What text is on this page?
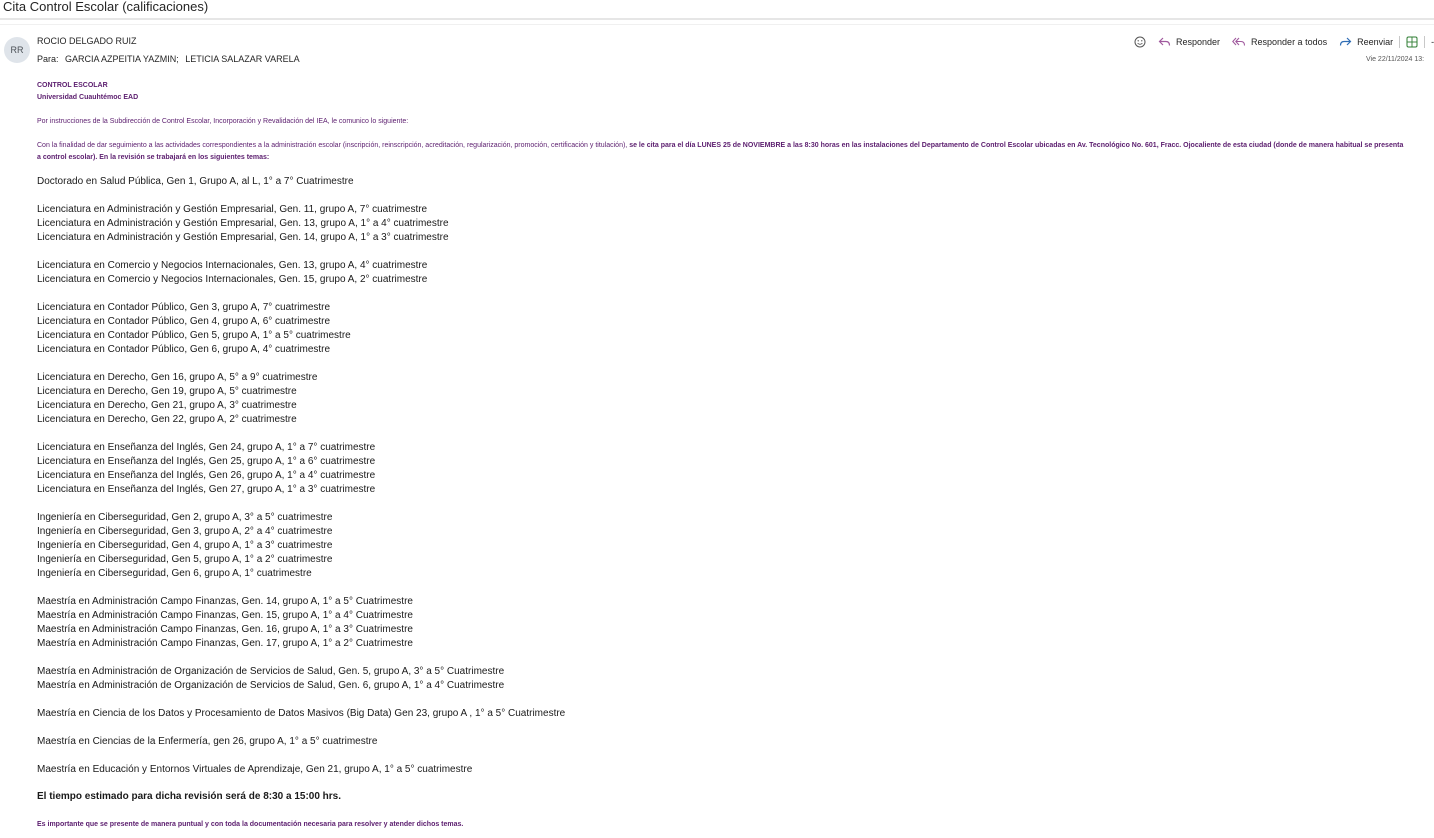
Cita Control Escolar (calificaciones)
RR
ROCIO DELGADO RUIZ
Para: GARCIA AZPEITIA YAZMIN; LETICIA SALAZAR VARELA
Responder	Responder a todos	Reenviar	-
Vie 22/11/2024 13:
CONTROL ESCOLAR
Universidad Cuauhtémoc EAD
Por instrucciones de la Subdirección de Control Escolar, Incorporación y Revalidación del IEA, le comunico lo siguiente:
Con la finalidad de dar seguimiento a las actividades correspondientes a la administración escolar (inscripción, reinscripción, acreditación, regularización, promoción, certificación y titulación), se le cita para el día LUNES 25 de NOVIEMBRE a las 8:30 horas en las instalaciones del Departamento de Control Escolar ubicadas en Av. Tecnológico No. 601, Fracc. Ojocaliente de esta ciudad (donde de manera habitual se presenta a control escolar). En la revisión se trabajará en los siguientes temas:
Doctorado en Salud Pública, Gen 1, Grupo A, al L, 1° a 7° Cuatrimestre
Licenciatura en Administración y Gestión Empresarial, Gen. 11, grupo A, 7° cuatrimestre
Licenciatura en Administración y Gestión Empresarial, Gen. 13, grupo A, 1° a 4° cuatrimestre
Licenciatura en Administración y Gestión Empresarial, Gen. 14, grupo A, 1° a 3° cuatrimestre
Licenciatura en Comercio y Negocios Internacionales, Gen. 13, grupo A, 4° cuatrimestre
Licenciatura en Comercio y Negocios Internacionales, Gen. 15, grupo A, 2° cuatrimestre
Licenciatura en Contador Público, Gen 3, grupo A, 7° cuatrimestre
Licenciatura en Contador Público, Gen 4, grupo A, 6° cuatrimestre
Licenciatura en Contador Público, Gen 5, grupo A, 1° a 5° cuatrimestre
Licenciatura en Contador Público, Gen 6, grupo A, 4° cuatrimestre
Licenciatura en Derecho, Gen 16, grupo A, 5° a 9° cuatrimestre
Licenciatura en Derecho, Gen 19, grupo A, 5° cuatrimestre
Licenciatura en Derecho, Gen 21, grupo A, 3° cuatrimestre
Licenciatura en Derecho, Gen 22, grupo A, 2° cuatrimestre
Licenciatura en Enseñanza del Inglés, Gen 24, grupo A, 1° a 7° cuatrimestre
Licenciatura en Enseñanza del Inglés, Gen 25, grupo A, 1° a 6° cuatrimestre
Licenciatura en Enseñanza del Inglés, Gen 26, grupo A, 1° a 4° cuatrimestre
Licenciatura en Enseñanza del Inglés, Gen 27, grupo A, 1° a 3° cuatrimestre
Ingeniería en Ciberseguridad, Gen 2, grupo A, 3° a 5° cuatrimestre
Ingeniería en Ciberseguridad, Gen 3, grupo A, 2° a 4° cuatrimestre
Ingeniería en Ciberseguridad, Gen 4, grupo A, 1° a 3° cuatrimestre
Ingeniería en Ciberseguridad, Gen 5, grupo A, 1° a 2° cuatrimestre
Ingeniería en Ciberseguridad, Gen 6, grupo A, 1° cuatrimestre
Maestría en Administración Campo Finanzas, Gen. 14, grupo A, 1° a 5° Cuatrimestre
Maestría en Administración Campo Finanzas, Gen. 15, grupo A, 1° a 4° Cuatrimestre
Maestría en Administración Campo Finanzas, Gen. 16, grupo A, 1° a 3° Cuatrimestre
Maestría en Administración Campo Finanzas, Gen. 17, grupo A, 1° a 2° Cuatrimestre
Maestría en Administración de Organización de Servicios de Salud, Gen. 5, grupo A, 3° a 5° Cuatrimestre
Maestría en Administración de Organización de Servicios de Salud, Gen. 6, grupo A, 1° a 4° Cuatrimestre
Maestría en Ciencia de los Datos y Procesamiento de Datos Masivos (Big Data) Gen 23, grupo A , 1° a 5° Cuatrimestre
Maestría en Ciencias de la Enfermería, gen 26, grupo A, 1° a 5° cuatrimestre
Maestría en Educación y Entornos Virtuales de Aprendizaje, Gen 21, grupo A, 1° a 5° cuatrimestre
El tiempo estimado para dicha revisión será de 8:30 a 15:00 hrs.
Es importante que se presente de manera puntual y con toda la documentación necesaria para resolver y atender dichos temas.
